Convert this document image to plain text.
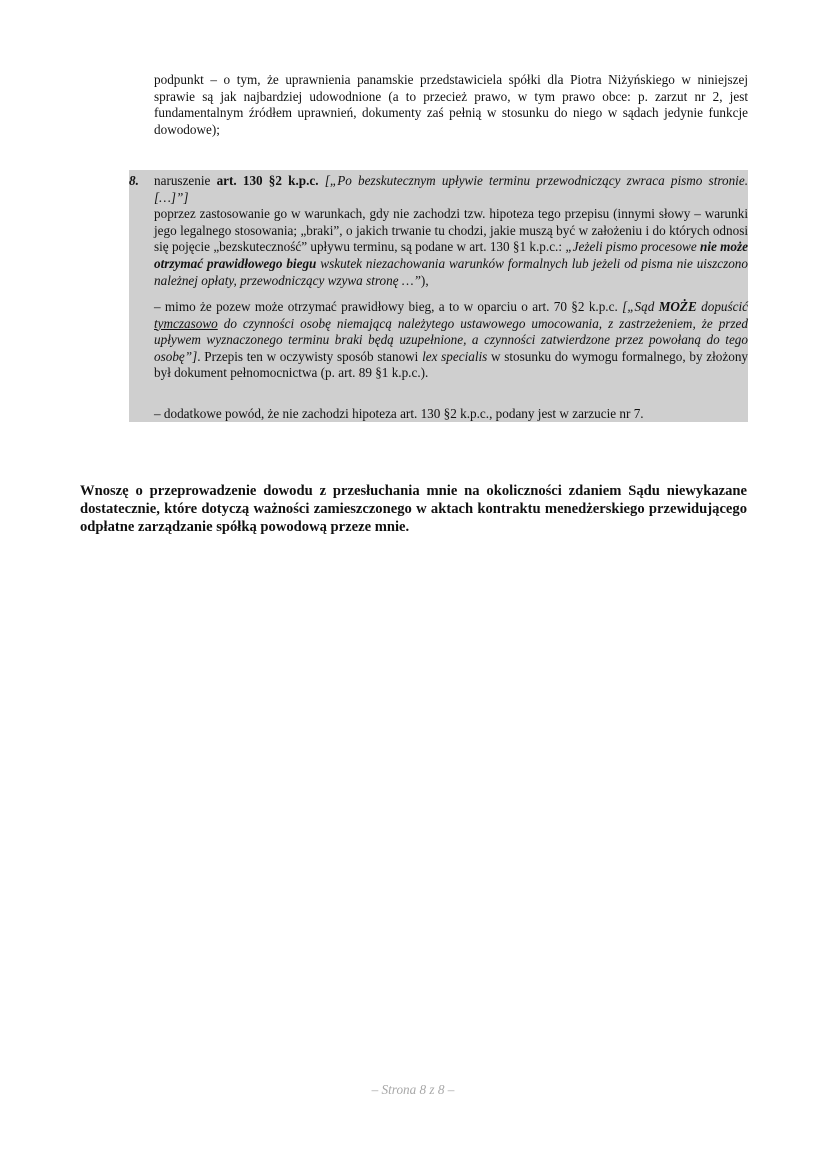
podpunkt – o tym, że uprawnienia panamskie przedstawiciela spółki dla Piotra Niżyńskiego w niniejszej sprawie są jak najbardziej udowodnione (a to przecież prawo, w tym prawo obce: p. zarzut nr 2, jest fundamentalnym źródłem uprawnień, dokumenty zaś pełnią w stosunku do niego w sądach jedynie funkcje dowodowe);
8. naruszenie art. 130 §2 k.p.c. [„Po bezskutecznym upływie terminu przewodniczący zwraca pismo stronie. […]”]
poprzez zastosowanie go w warunkach, gdy nie zachodzi tzw. hipoteza tego przepisu (innymi słowy – warunki jego legalnego stosowania; „braki”, o jakich trwanie tu chodzi, jakie muszą być w założeniu i do których odnosi się pojęcie „bezskuteczność” upływu terminu, są podane w art. 130 §1 k.p.c.: „Jeżeli pismo procesowe nie może otrzymać prawidłowego biegu wskutek niezachowania warunków formalnych lub jeżeli od pisma nie uiszczono należnej opłaty, przewodniczący wzywa stronę …”),
– mimo że pozew może otrzymać prawidłowy bieg, a to w oparciu o art. 70 §2 k.p.c. [„Sąd MOŻE dopuścić tymczasowo do czynności osobę niemającą należytego ustawowego umocowania, z zastrzeżeniem, że przed upływem wyznaczonego terminu braki będą uzupełnione, a czynności zatwierdzone przez powołaną do tego osobę”]. Przepis ten w oczywisty sposób stanowi lex specialis w stosunku do wymogu formalnego, by złożony był dokument pełnomocnictwa (p. art. 89 §1 k.p.c.).
– dodatkowe powód, że nie zachodzi hipoteza art. 130 §2 k.p.c., podany jest w zarzucie nr 7.
Wnoszę o przeprowadzenie dowodu z przesłuchania mnie na okoliczności zdaniem Sądu niewykazane dostatecznie, które dotyczą ważności zamieszczonego w aktach kontraktu menedżerskiego przewidującego odpłatne zarządzanie spółką powodową przeze mnie.
– Strona 8 z 8 –
